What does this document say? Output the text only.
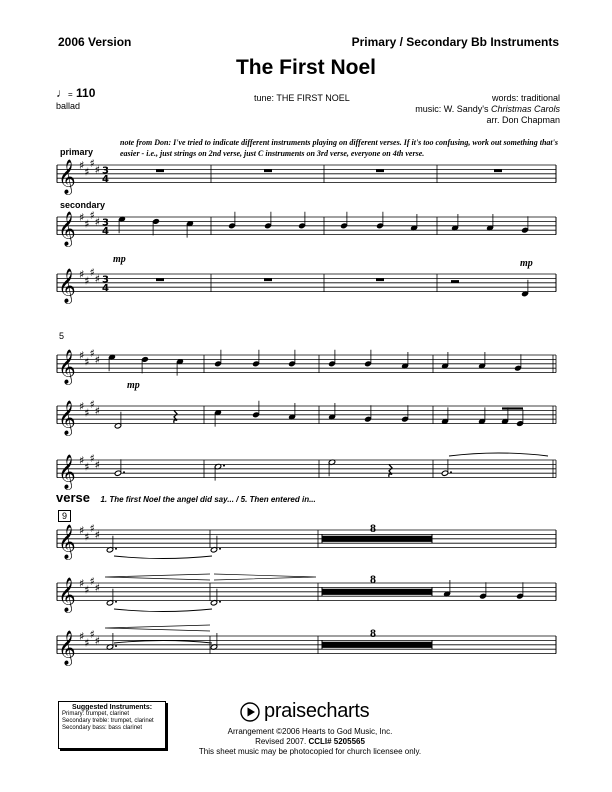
2006 Version	Primary / Secondary Bb Instruments
The First Noel
♩= 110
ballad
tune: THE FIRST NOEL	words: traditional
music: W. Sandy's Christmas Carols
arr. Don Chapman
note from Don: I've tried to indicate different instruments playing on different verses. If it's too confusing, work out something that's easier - i.e., just strings on 2nd verse, just C instruments on 3rd verse, everyone on 4th verse.
primary
secondary
mp	mp
mp
5
verse 1. The first Noel the angel did say... / 5. Then entered in...
9
8
8
8
𝄞 ♯
♯
♯
♯ 3
4
𝄞 ♯
♯
♯
♯ 3
4
𝄞 ♯
♯
♯
♯ 3
4
𝄞 ♯
♯
♯
♯
𝄞 ♯
♯
♯
♯
𝄞 ♯
♯
♯
♯
𝄞 ♯
♯
♯
♯
𝄞 ♯
♯
♯
♯
𝄞 ♯
♯
♯
♯
Suggested Instruments:
Primary: trumpet, clarinet
Secondary treble: trumpet, clarinet
Secondary bass: bass clarinet
praisecharts
Arrangement ©2006 Hearts to God Music, Inc.
Revised 2007. CCLI# 5205565
This sheet music may be photocopied for church licensee only.
